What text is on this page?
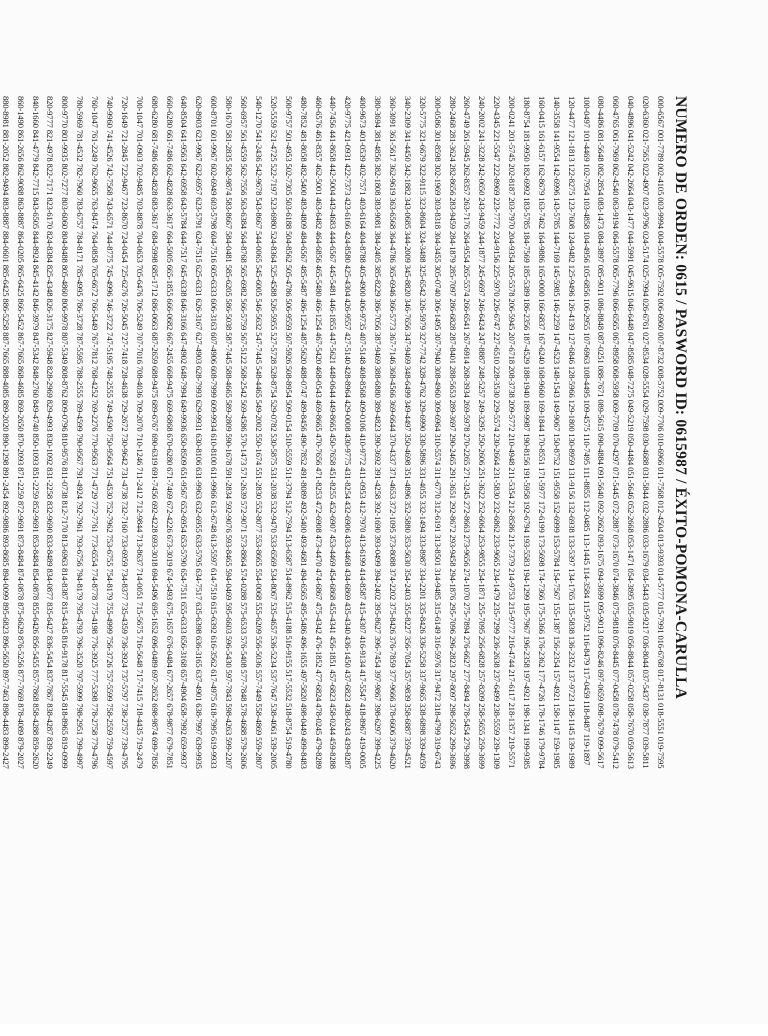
NUMERO DE ORDEN: 0615 / PASWORD ID: 0615987 / ÉXITO-POMONA-CARULLA
000-6567 001-7789 002-4105 003-9994 004-5578 005-7592 006-6960 007-8732 008-5752 009-7706 010-6966 011-7568 012-4504 013-9393 014-5777 015-7991 016-6768 017-8131 018-5551 019-7595
020-6360 021-7565 022-4907 023-9796 024-5174 025-7994 026-6761 027-8534 028-5554 029-7598 030-4688 031-5844 032-2886 033-1679 034-5443 035-9217 036-8044 037-5437 038-7877 039-5811
040-4896 041-5242 042-2664 043-1477 044-5991 045-9615 046-6448 047-8585 048-7275 049-5219 050-4484 051-5646 052-2668 053-1471 054-3895 055-9019 056-8844 057-0258 058-7670 059-5613
060-4765 061-7969 062-4540 063-9194 064-5578 065-7796 066-6565 067-8958 068-5958 069-7709 070-4297 071-5445 072-2887 073-1670 074-3846 075-9818 076-8445 077-0458 078-7478 079-5412
080-4486 081-5648 082-2854 083-1473 084-3897 085-9011 086-8848 087-0251 088-7671 089-5615 090-4884 091-5640 092-2662 093-1675 094-3699 095-9013 096-8246 097-0659 098-7679 099-5617
100-0497 101-4469 102-7954 103-4858 104-4956 105-6856 106-2955 107-6963 108-4495 109-4575 110-7495 111-8855 112-0485 113-1445 114-3584 115-9752 116-8479 117-0459 118-8487 119-1897
120-4477 121-1813 122-8275 123-7608 124-9482 125-9496 126-4139 127-6846 128-5966 129-1800 130-8959 131-9156 132-6938 133-5397 134-1765 135-5838 136-2352 137-9723 138-1145 139-1989
140-3558 141-9554 142-6996 143-5785 144-7169 145-5985 146-2259 147-4523 148-1543 149-9067 150-8752 151-9558 152-6999 153-5784 154-7567 155-1387 156-2354 157-4921 158-1147 159-1985
160-0415 161-6157 162-8679 163-7462 164-9886 165-0000 166-6837 167-6240 168-9660 169-1844 170-8551 171-5977 172-6199 173-5698 174-7366 175-5366 176-2362 177-4726 178-1746 179-9784
180-8754 181-9950 182-6992 183-5785 184-7569 185-5389 186-2356 187-4529 188-1940 189-9987 190-8156 191-5958 192-6794 193-5583 194-1299 195-7967 196-2358 197-4921 198-1341 199-9385
200-0241 201-5745 202-8187 203-7970 204-9354 205-5578 206-5945 207-6718 208-3738 209-5772 210-4948 211-5354 212-8586 213-7379 214-9753 215-9777 216-4744 217-6117 218-1357 219-5571
220-4345 221-5547 222-8969 223-7772 224-9156 225-5970 226-6747 227-6510 228-3530 229-5574 230-2664 231-5830 232-6862 233-9665 234-1479 235-7299 236-2638 237-6499 238-5559 239-1309
240-2002 241-3228 242-0650 243-9459 244-1877 245-6697 246-6424 247-8887 248-5257 249-3295 250-2606 251-3622 252-6064 253-9855 254-1871 255-7095 256-6828 257-8209 258-5655 259-3699
260-4749 261-5945 262-8357 263-7176 264-9554 265-5574 266-6541 267-6914 268-3934 269-5978 270-2265 271-3245 272-8663 273-9656 274-1070 275-7894 276-6627 277-8494 278-5454 279-3998
280-2468 281-3624 282-8656 283-9459 284-1879 285-7097 286-6828 287-8401 288-5653 289-3697 290-2465 291-3651 292-8672 293-9458 294-1876 295-7096 296-2823 297-8097 298-5652 299-3696
300-0586 301-8598 302-1969 303-8318 304-3455 305-0740 306-1495 307-7940 308-4960 309-6964 310-5574 311-6770 312-6191 313-8501 314-9485 315-6149 316-5976 317-9472 318-4799 319-6743
320-5775 321-6679 322-9115 323-8604 324-3488 325-6542 326-5979 327-7742 328-4762 329-6990 330-5896 331-4055 332-1494 333-8987 334-2201 335-8426 336-5258 337-9665 338-6898 339-4059
340-2309 341-4450 342-1882 343-0685 344-2009 345-8820 346-7656 347-9469 348-6499 349-4497 350-4698 351-4896 352-5880 353-5630 354-2403 355-8227 356-7054 357-9839 358-6887 359-4521
360-3091 361-5617 362-9619 363-6568 364-4786 365-6946 366-5773 367-7146 368-4566 369-6644 370-4337 371-4653 372-1095 373-8088 374-2202 375-8426 376-7859 377-9666 378-6606 379-4620
380-3694 381-4856 382-1808 383-9081 384-2405 385-8229 386-7056 387-9469 388-6880 389-4823 390-3692 391-4258 392-1690 393-0499 394-2402 395-8627 396-7454 397-9867 398-6297 399-4225
400-9673 401-0539 402-7571 403-6164 404-8788 405-4900 406-9735 407-5148 408-8568 409-0106 410-9772 411-0953 412-7970 413-6199 414-8587 415-4307 416-9134 417-5547 418-8967 419-0005
420-9775 421-0931 422-7373 423-6166 424-8580 425-4304 426-9557 427-5140 428-8964 429-0008 430-9775 431-8254 432-6906 433-4468 434-6869 435-4340 436-1450 437-6823 438-0243 439-8287
440-7456 441-8658 442-5004 443-4683 444-6567 445-5481 446-1855 447-5621 448-0644 449-8665 450-7658 451-8255 452-6907 453-4469 454-6868 455-4341 456-1851 457-6823 458-0244 459-8288
460-6576 461-8357 462-5001 463-6482 464-6856 465-5480 466-1254 467-5420 468-0543 469-8665 470-7656 471-8253 472-6908 473-4470 474-6867 475-4342 476-1852 477-6824 478-0245 479-8289
480-7852 481-8058 482-5400 483-4809 484-6567 485-5487 486-1254 487-5620 488-0747 489-8456 490-7852 491-8089 492-5400 493-4681 494-6565 495-5486 496-1655 497-5820 498-0449 499-8483
500-9757 501-4953 502-7305 503-6188 504-8562 505-4786 506-9559 507-5926 508-8954 509-0154 510-5559 511-3794 512-7594 513-6587 514-8962 515-4188 516-9155 517-5532 518-8754 519-4780
520-5559 521-4725 522-7197 523-6980 524-8364 525-4588 526-5955 527-5728 528-8754 529-0782 530-5875 531-2038 532-9470 533-6569 534-8067 535-4657 536-5234 537-7647 538-4061 539-2005
540-1270 541-2436 542-9678 543-8667 544-0065 545-6005 546-5632 547-7445 548-4465 549-2002 550-1674 551-2830 552-8077 553-8665 554-0068 555-6209 556-5036 557-7449 558-4869 559-2807
560-6957 561-4559 562-7556 563-6384 564-8768 565-6982 566-5759 567-5122 568-2542 569-4586 570-1473 571-2639 572-9071 573-8864 574-0288 575-6533 576-5408 577-7848 578-4688 579-2606
580-1670 581-2835 582-9874 583-8667 584-0481 585-6205 586-5038 587-7445 588-4665 589-2809 590-1678 591-2834 592-9076 593-8465 594-0469 595-6603 596-5430 597-7843 598-4263 599-2207
600-8701 601-9967 602-6949 603-5798 604-7516 605-6333 606-3163 607-4906 608-7999 609-9934 610-8100 611-9966 612-6748 613-5597 614-7519 615-6392 616-3562 617-4975 618-7995 619-9933
620-8903 621-9967 622-6957 623-5791 624-7515 625-6331 626-3167 627-4903 628-7993 629-9931 630-8106 631-9963 632-6955 633-5795 634-7517 635-6398 636-3165 637-4901 638-7997 639-9935
640-8504 641-9563 642-6958 643-5784 644-7517 645-6338 646-3166 647-4902 648-7994 649-9936 650-8509 651-9567 652-6954 653-5790 654-7511 655-6333 656-3168 657-4904 658-7992 659-9937
660-6280 661-7486 662-4828 663-3617 664-5005 665-1855 666-0682 667-2455 668-9475 669-6868 670-6280 671-7469 672-4226 673-3019 674-5493 675-1657 676-0484 677-2657 678-9877 679-7851
680-6280 681-7486 682-4828 683-3617 684-5998 685-1712 686-0663 687-2659 688-9475 689-6767 690-6319 691-7456 692-4228 693-3018 694-5496 695-1652 696-0489 697-2652 698-9874 699-7856
700-1047 701-0903 702-9485 703-8878 704-0653 705-6476 706-5249 707-7016 708-4036 709-2070 710-1246 711-2412 712-9844 713-8637 714-0051 715-5675 716-5648 717-7415 718-4435 719-2479
720-1649 721-2845 722-9467 723-8670 724-0454 725-6276 726-5045 727-7418 728-4638 729-2672 730-9642 731-4738 732-7160 733-6959 734-8377 735-4359 736-3924 737-5797 738-2757 739-4795
740-9960 741-4526 742-7568 743-6571 744-8775 745-4996 746-3722 747-5195 748-2555 749-4590 750-9564 751-4530 752-7962 753-6755 754-8179 755-4999 756-3726 757-5599 758-2559 759-4597
760-1047 761-2249 762-9665 763-8474 764-0858 765-6672 766-5449 767-7812 768-4252 769-2276 770-9563 771-4729 772-7761 773-6554 774-8778 775-4198 776-3925 777-5398 778-2758 779-4796
780-5969 781-4532 782-7960 783-6757 784-8171 785-4995 786-3728 787-5595 788-2555 789-4599 790-9567 791-4924 792-7961 793-6756 794-8179 795-4793 796-3520 797-5999 798-2951 799-4997
800-9770 801-9935 802-7277 803-6060 804-8488 805-4860 806-9978 807-5349 808-8762 809-0796 810-9576 811-0738 812-7170 813-6963 814-8387 815-4345 816-9178 817-5545 818-8965 819-0999
820-9777 821-4978 822-7171 823-6170 824-8384 825-4348 826-3175 827-5948 828-2969 829-4993 830-1092 831-2258 832-9690 833-8489 834-0877 835-6427 836-5454 837-7867 838-4287 839-2249
840-1660 841-4779 842-7715 843-6505 844-8924 845-4142 846-3979 847-5342 848-2760 849-4740 850-1093 851-2259 852-9691 853-8484 854-0878 855-6426 856-5455 857-7868 858-4288 859-2620
860-1490 861-2656 862-9088 863-8887 864-0205 865-6425 866-5452 867-7665 868-4685 869-2650 870-2093 871-2259 872-9691 873-8484 874-0878 875-6629 876-5256 877-7669 878-4089 879-2027
880-8981 881-2052 882-9494 883-8887 884-0601 885-6425 886-5258 887-7665 888-4085 889-2020 890-1298 891-2454 892-9886 893-8685 894-0099 895-6823 896-5650 897-7463 898-4483 899-2427
